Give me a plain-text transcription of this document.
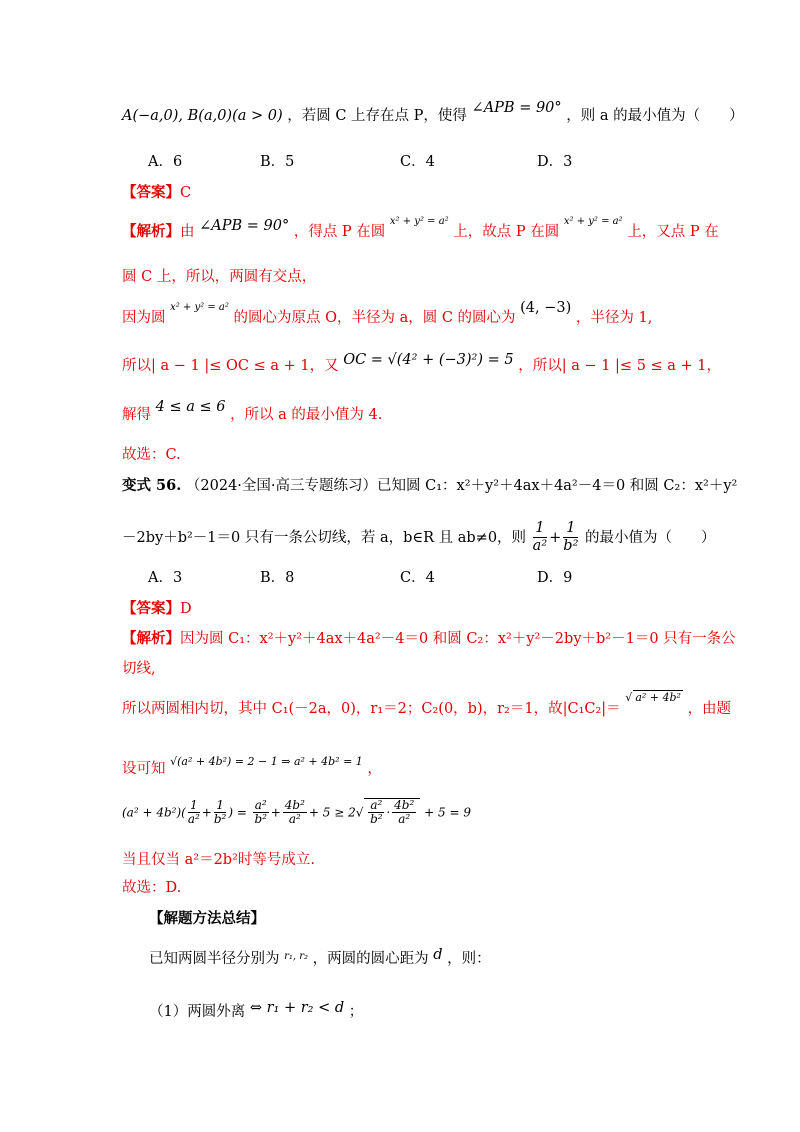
A(−a,0), B(a,0)(a > 0) ，若圆 C 上存在点 P，使得 ∠APB = 90° ，则 a 的最小值为（　　）
A．6	B．5	C．4	D．3
【答案】C
【解析】由 ∠APB = 90° ，得点 P 在圆 $^{x^2 + y^2 = a^2}$ 上，故点 P 在圆 $^{x^2 + y^2 = a^2}$ 上，又点 P 在
圆 C 上，所以，两圆有交点，
因为圆 $^{x^2 + y^2 = a^2}$ 的圆心为原点 O，半径为 a，圆 C 的圆心为 (4, −3) ，半径为 1,
所以| a − 1 |≤ OC ≤ a + 1，又 OC = √(4² + (−3)²) = 5 ，所以| a − 1 |≤ 5 ≤ a + 1，
解得 4 ≤ a ≤ 6 ，所以 a 的最小值为 4.
故选：C.
变式 56. （2024·全国·高三专题练习）已知圆 C₁：x²＋y²＋4ax＋4a²－4＝0 和圆 C₂：x²＋y²
－2by＋b²－1＝0 只有一条公切线，若 a，b∈R 且 ab≠0，则 $\frac{1}{\text{a²}} + \frac{1}{\text{b²}}$ 的最小值为（　　）
A．3	B．8	C．4	D．9
【答案】D
【解析】因为圆 C₁：x²＋y²＋4ax＋4a²－4＝0 和圆 C₂：x²＋y²－2by＋b²－1＝0 只有一条公
切线,
所以两圆相内切，其中 C₁(－2a，0)，r₁＝2；C₂(0，b)，r₂＝1，故|C₁C₂|＝ $^{√ a^2 + 4b^2}$ ，由题
设可知 $^{√(a^2 + 4b^2) = 2 - 1 \Rightarrow a^2 + 4b^2 = 1}$ ，
$(a^2 + 4b^2)( \frac{1}{\text{a²}} + \frac{1}{\text{b²}}$ ) = $\frac{\text{a²}}{\text{b²}} + \frac{\text{4b²}}{\text{a²}} + 5 \ge 2√ \frac{\text{a²}}{\text{b²}} \cdot \frac{\text{4b²}}{\text{a²}} + 5 = 9$
当且仅当 a²＝2b²时等号成立.
故选：D.
【解题方法总结】
已知两圆半径分别为 $^{r_1, r_2}$ ，两圆的圆心距为 d ，则：
（1）两圆外离 ⇔ r₁ + r₂ < d ；
